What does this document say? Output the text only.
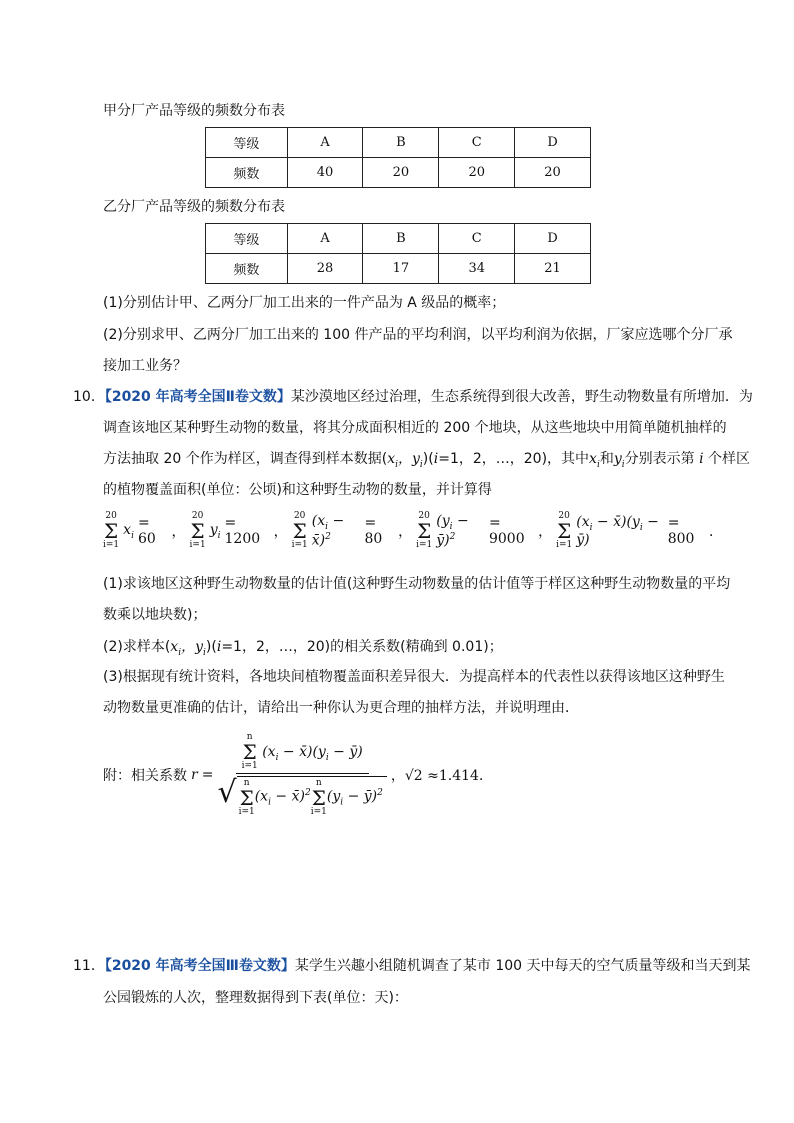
甲分厂产品等级的频数分布表
等级	A	B	C	D
频数	40	20	20	20
乙分厂产品等级的频数分布表
等级	A	B	C	D
频数	28	17	34	21
(1)分别估计甲、乙两分厂加工出来的一件产品为 A 级品的概率；
(2)分别求甲、乙两分厂加工出来的 100 件产品的平均利润，以平均利润为依据，厂家应选哪个分厂承
接加工业务？
10．【2020 年高考全国Ⅱ卷文数】某沙漠地区经过治理，生态系统得到很大改善，野生动物数量有所增加．为
调查该地区某种野生动物的数量，将其分成面积相近的 200 个地块，从这些地块中用简单随机抽样的
方法抽取 20 个作为样区，调查得到样本数据($x_i$，$y_i)(i=1$，2，…，20)，其中$x_i$和$y_i$分别表示第 i 个样区
的植物覆盖面积(单位：公顷)和这种野生动物的数量，并计算得
20
Σ
i=1
$x_i$
= 60	，
20
Σ
i=1
$y_i$
= 1200 ，
20
Σ
i=1
($x_i$ − x̄)$^2$
= 80	，
20
Σ
i=1
($y_i$ − ȳ)$^2$
= 9000 ，
20
Σ
i=1
($x_i$ − $x̄)(y_i$ − ȳ)
= 800	．
(1)求该地区这种野生动物数量的估计值(这种野生动物数量的估计值等于样区这种野生动物数量的平均
数乘以地块数)；
(2)求样本($x_i$，$y_i)(i=1$，2，…，20)的相关系数(精确到 0.01)；
(3)根据现有统计资料，各地块间植物覆盖面积差异很大．为提高样本的代表性以获得该地区这种野生
动物数量更准确的估计，请给出一种你认为更合理的抽样方法，并说明理由．
附：相关系数 r =
n
Σ
i=1 ($x_i$ − $x̄)(y_i$ − ȳ)
√ n
Σ
i=1
($x_i$ − x̄)$^2$
n
Σ
i=1
($y_i$ − ȳ)$^2$
，√2 ≈1.414．
11．【2020 年高考全国Ⅲ卷文数】某学生兴趣小组随机调查了某市 100 天中每天的空气质量等级和当天到某
公园锻炼的人次，整理数据得到下表(单位：天)：
